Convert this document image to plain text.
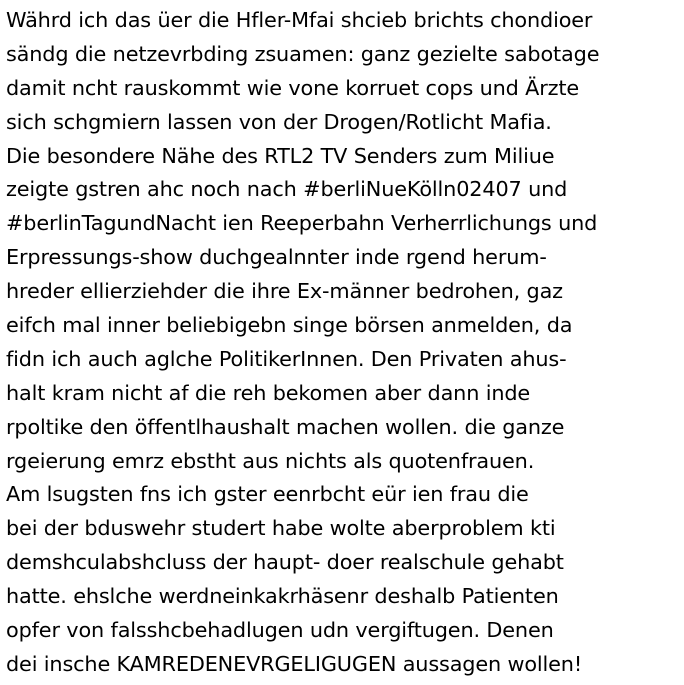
Währd ich das üer die Hfler-Mfai shcieb brichts chondioer
sändg die netzevrbding zsuamen: ganz gezielte sabotage
damit ncht rauskommt wie vone korruet cops und Ärzte
sich schgmiern lassen von der Drogen/Rotlicht Mafia.
Die besondere Nähe des RTL2 TV Senders zum Miliue
zeigte gstren ahc noch nach #berliNueKölln02407 und
#berlinTagundNacht ien Reeperbahn Verherrlichungs und
Erpressungs-show duchgealnnter inde rgend herum-
hreder ellierziehder die ihre Ex-männer bedrohen, gaz
eifch mal inner beliebigebn singe börsen anmelden, da
fidn ich auch aglche PolitikerInnen. Den Privaten ahus-
halt kram nicht af die reh bekomen aber dann inde
rpoltike den öffentlhaushalt machen wollen. die ganze
rgeierung emrz ebstht aus nichts als quotenfrauen.
Am lsugsten fns ich gster eenrbcht eür ien frau die
bei der bduswehr studert habe wolte aberproblem kti
demshculabshcluss der haupt- doer realschule gehabt
hatte. ehslche werdneinkakrhäsenr deshalb Patienten
opfer von falsshcbehadlugen udn vergiftugen. Denen
dei insche KAMREDENEVRGELIGUGEN aussagen wollen!
